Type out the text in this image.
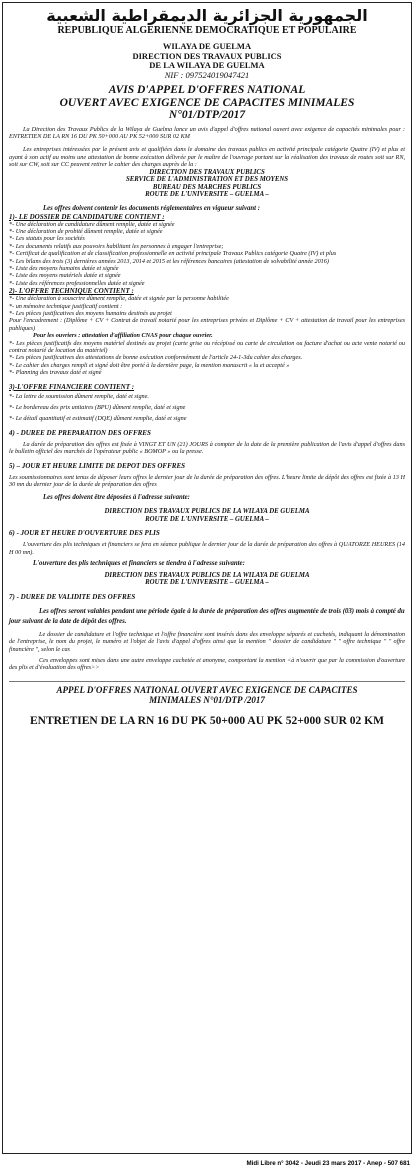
الجمهورية الجزائرية الديمقراطية الشعبية
REPUBLIQUE ALGERIENNE DEMOCRATIQUE ET POPULAIRE
WILAYA DE GUELMA
DIRECTION DES TRAVAUX PUBLICS
DE LA WILAYA DE GUELMA
NIF : 097524019047421
AVIS D'APPEL D'OFFRES NATIONAL
OUVERT AVEC EXIGENCE DE CAPACITES MINIMALES
N°01/DTP/2017
La Direction des Travaux Publics de la Wilaya de Guelma lance un avis d'appel d'offres national ouvert avec exigence de capacités minimales pour : ENTRETIEN DE LA RN 16 DU PK 50+000 AU PK 52+000 SUR 02 KM
Les entreprises intéressées par le présent avis et qualifiées dans le domaine des travaux publics en activité principale catégorie Quatre (IV) et plus et ayant à son actif au moins une attestation de bonne exécution délivrée par le maître de l'ouvrage portant sur la réalisation des travaux de routes soit sur RN, soit sur CW, soit sur CC peuvent retirer le cahier des charges auprès de la :
DIRECTION DES TRAVAUX PUBLICS
SERVICE DE L'ADMINISTRATION ET DES MOYENS
BUREAU DES MARCHES PUBLICS
ROUTE DE L'UNIVERSITE – GUELMA –
Les offres doivent contenir les documents réglementaires en vigueur suivant :
1)- LE DOSSIER DE CANDIDATURE CONTIENT :
*- Une déclaration de candidature dûment remplie, datée et signée
*- Une déclaration de probité dûment remplie, datée et signée
*- Les statuts pour les sociétés
*- Les documents relatifs aux pouvoirs habilitant les personnes à engager l'entreprise;
*- Certificat de qualification et de classification professionnelle en activité principale Travaux Publics catégorie Quatre (IV) et plus
*- Les bilans des trois (3) dernières années 2013, 2014 et 2015 et les références bancaires (attestation de solvabilité année 2016)
*- Liste des moyens humains datée et signée
*- Liste des moyens matériels datée et signée
*- Liste des références professionnelles datée et signée
2)- L'OFFRE TECHNIQUE CONTIENT :
*- Une déclaration à souscrire dûment remplie, datée et signée par la personne habilitée
*- un mémoire technique justificatif contient :
*- Les pièces justificatives des moyens humains destinés au projet
Pour l'encadrement : (Diplôme + CV + Contrat de travail notarié pour les entreprises privées et Diplôme + CV + attestation de travail pour les entreprises publiques)
Pour les ouvriers : attestation d'affiliation CNAS pour chaque ouvrier.
*- Les pièces justificatifs des moyens matériel destinés au projet (carte grise ou récépissé ou carte de circulation ou facture d'achat ou acte vente notarié ou contrat notarié de location du matériel)
*- Les pièces justificatives des attestations de bonne exécution conformément de l'article 24-1-3du cahier des charges.
*- Le cahier des charges rempli et signé doit être porté à la dernière page, la mention manuscrit « lu et accepté »
*- Planning des travaux daté et signé
3)-L'OFFRE FINANCIERE CONTIENT :
*- La lettre de soumission dûment remplie, daté et signe.
*- Le bordereau des prix unitaires (BPU) dûment remplie, daté et signe
*- Le détail quantitatif et estimatif (DQE) dûment remplie, daté et signe
4) - DUREE DE PREPARATION DES OFFRES
La durée de préparation des offres est fixée à VINGT ET UN (21) JOURS à compter de la date de la première publication de l'avis d'appel d'offres dans le bulletin officiel des marchés de l'opérateur public « BOMOP » ou la presse.
5) – JOUR ET HEURE LIMITE DE DEPOT DES OFFRES
Les soumissionnaires sont tenus de déposer leurs offres le dernier jour de la durée de préparation des offres. L'heure limite de dépôt des offres est fixée à 13 H 30 mn du dernier jour de la durée de préparation des offres
Les offres doivent être déposées à l'adresse suivante:
DIRECTION DES TRAVAUX PUBLICS DE LA WILAYA DE GUELMA
ROUTE DE L'UNIVERSITE – GUELMA –
6) - JOUR ET HEURE D'OUVERTURE DES PLIS
L'ouverture des plis techniques et financiers se fera en séance publique le dernier jour de la durée de préparation des offres à QUATORZE HEURES (14 H 00 mn).
L'ouverture des plis techniques et financiers se tiendra à l'adresse suivante:
DIRECTION DES TRAVAUX PUBLICS DE LA WILAYA DE GUELMA
ROUTE DE L'UNIVERSITE – GUELMA –
7) - DUREE DE VALIDITE DES OFFRES
Les offres seront valables pendant une période égale à la durée de préparation des offres augmentée de trois (03) mois à compté du jour suivant de la date de dépôt des offres.
Le dossier de candidature et l'offre technique et l'offre financière sont insérés dans des enveloppe séparés et cachetés, indiquant la dénomination de l'entreprise, le nom du projet, le numéro et l'objet de l'avis d'appel d'offres ainsi que la mention " dossier de candidature " " offre technique " " offre financière ", selon le cas
Ces enveloppes sont mises dans une autre enveloppe cachetée et anonyme, comportant la mention <à n'ouvrir que par la commission d'ouverture des plis et d'évaluation des offres>>
APPEL D'OFFRES NATIONAL OUVERT AVEC EXIGENCE DE CAPACITES
MINIMALES N°01/DTP /2017
ENTRETIEN DE LA RN 16 DU PK 50+000 AU PK 52+000 SUR 02 KM
Midi Libre n° 3042 - Jeudi 23 mars 2017 - Anep - 507 681
